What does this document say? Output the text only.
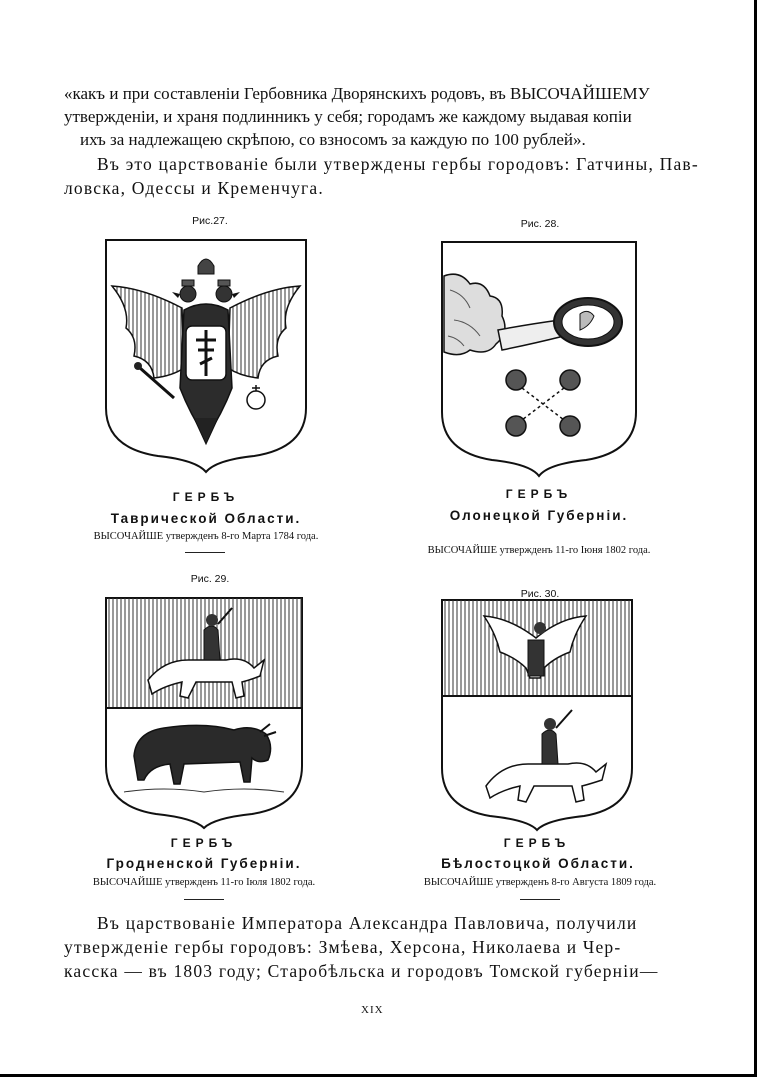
«какъ и при составленіи Гербовника Дворянскихъ родовъ, въ ВЫСОЧАЙШЕМУ
утвержденіи, и храня подлинникъ у себя; городамъ же каждому выдавая копіи
ихъ за надлежащею скрѣпою, со взносомъ за каждую по 100 рублей».
Въ это царствованіе были утверждены гербы городовъ: Гатчины, Пав-
ловска, Одессы и Кременчуга.
Рис.27.
ГЕРБЪ
Таврической Области.
ВЫСОЧАЙШЕ утвержденъ 8-го Марта 1784 года.
Рис. 28.
ГЕРБЪ
Олонецкой Губерніи.
ВЫСОЧАЙШЕ утвержденъ 11-го Іюня 1802 года.
Рис. 29.
ГЕРБЪ
Гродненской Губерніи.
ВЫСОЧАЙШЕ утвержденъ 11-го Іюля 1802 года.
Рис. 30.
ГЕРБЪ
Бѣлостоцкой Области.
ВЫСОЧАЙШЕ утвержденъ 8-го Августа 1809 года.
Въ царствованіе Императора Александра Павловича, получили
утвержденіе гербы городовъ: Змѣева, Херсона, Николаева и Чер-
касска — въ 1803 году; Старобѣльска и городовъ Томской губерніи—
XIX
